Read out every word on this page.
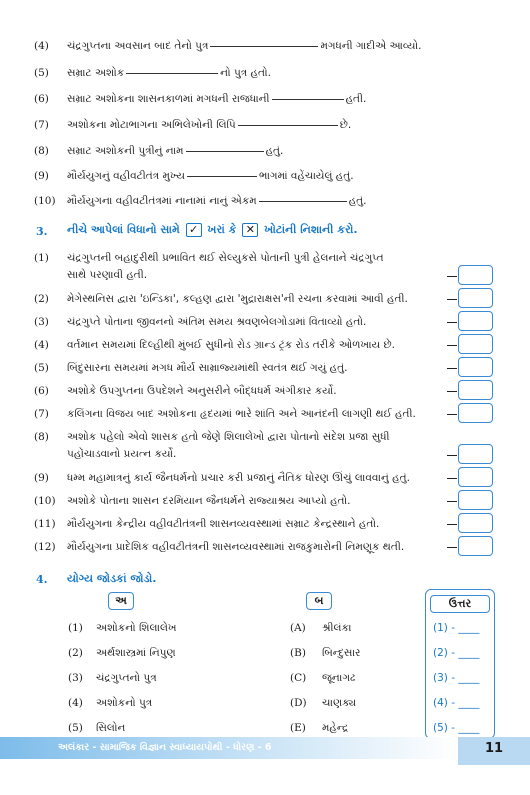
(4) ચંદ્રગુપ્તના અવસાન બાદ તેનો પુત્ર	મગધની ગાદીએ આવ્યો.
(5) સમ્રાટ અશોક	નો પુત્ર હતો.
(6) સમ્રાટ અશોકના શાસનકાળમાં મગધની રાજધાની	હતી.
(7) અશોકના મોટાભાગના અભિલેખોની લિપિ	છે.
(8) સમ્રાટ અશોકની પુત્રીનું નામ	હતું.
(9) મૌર્યયુગનું વહીવટીતંત્ર મુખ્ય	ભાગમાં વહેંચાયેલું હતું.
(10) મૌર્યયુગના વહીવટીતંત્રમાં નાનામાં નાનું એકમ	હતું.
3. નીચે આપેલાં વિધાનો સામે ✓ ખરાં કે ✕ ખોટાંની નિશાની કરો.
(1) ચંદ્રગુપ્તની બહાદુરીથી પ્રભાવિત થઈ સેલ્યુકસે પોતાની પુત્રી હેલનાને ચંદ્રગુપ્ત
સાથે પરણાવી હતી.
(2) મેગેસ્થનિસ દ્વારા 'ઇન્ડિકા', કલ્હણ દ્વારા 'મુદ્રારાક્ષસ'ની રચના કરવામાં આવી હતી.
(3) ચંદ્રગુપ્તે પોતાના જીવનનો અંતિમ સમય શ્રવણબેલગોડામાં વિતાવ્યો હતો.
(4) વર્તમાન સમયમાં દિલ્હીથી મુંબઈ સુધીનો રોડ ગ્રાન્ડ ટ્રંક રોડ તરીકે ઓળખાય છે.
(5) બિંદુસારના સમયમાં મગધ મૌર્ય સામ્રાજ્યમાંથી સ્વતંત્ર થઈ ગયું હતું.
(6) અશોકે ઉપગુપ્તના ઉપદેશને અનુસરીને બૌદ્ધધર્મ અંગીકાર કર્યો.
(7) કલિંગના વિજય બાદ અશોકના હૃદયમાં ભારે શાંતિ અને આનંદની લાગણી થઈ હતી.
(8) અશોક પહેલો એવો શાસક હતો જેણે શિલાલેખો દ્વારા પોતાનો સંદેશ પ્રજા સુધી
પહોંચાડવાનો પ્રયત્ન કર્યો.
(9) ધમ્મ મહામાત્રનું કાર્ય જૈનધર્મનો પ્રચાર કરી પ્રજાનું નૈતિક ધોરણ ઊંચું લાવવાનું હતું.
(10) અશોકે પોતાના શાસન દરમિયાન જૈનધર્મને રાજ્યાશ્રય આપ્યો હતો.
(11) મૌર્યયુગના કેન્દ્રીય વહીવટીતંત્રની શાસનવ્યવસ્થામાં સમ્રાટ કેન્દ્રસ્થાને હતો.
(12) મૌર્યયુગના પ્રાદેશિક વહીવટીતંત્રની શાસનવ્યવસ્થામાં રાજકુમારોની નિમણૂક થતી.
4. યોગ્ય જોડકાં જોડો.
અ	બ	ઉત્તર
(1) અશોકનો શિલાલેખ	(A) શ્રીલંકા	(1) - ____
(2) અર્થશાસ્ત્રમાં નિપુણ	(B) બિન્દુસાર	(2) - ____
(3) ચંદ્રગુપ્તનો પુત્ર	(C) જૂનાગઢ	(3) - ____
(4) અશોકનો પુત્ર	(D) ચાણક્ય	(4) - ____
(5) સિલોન	(E) મહેન્દ્ર	(5) - ____
અલંકાર - સામાજિક વિજ્ઞાન સ્વાધ્યાયપોથી - ધોરણ - 6	11
